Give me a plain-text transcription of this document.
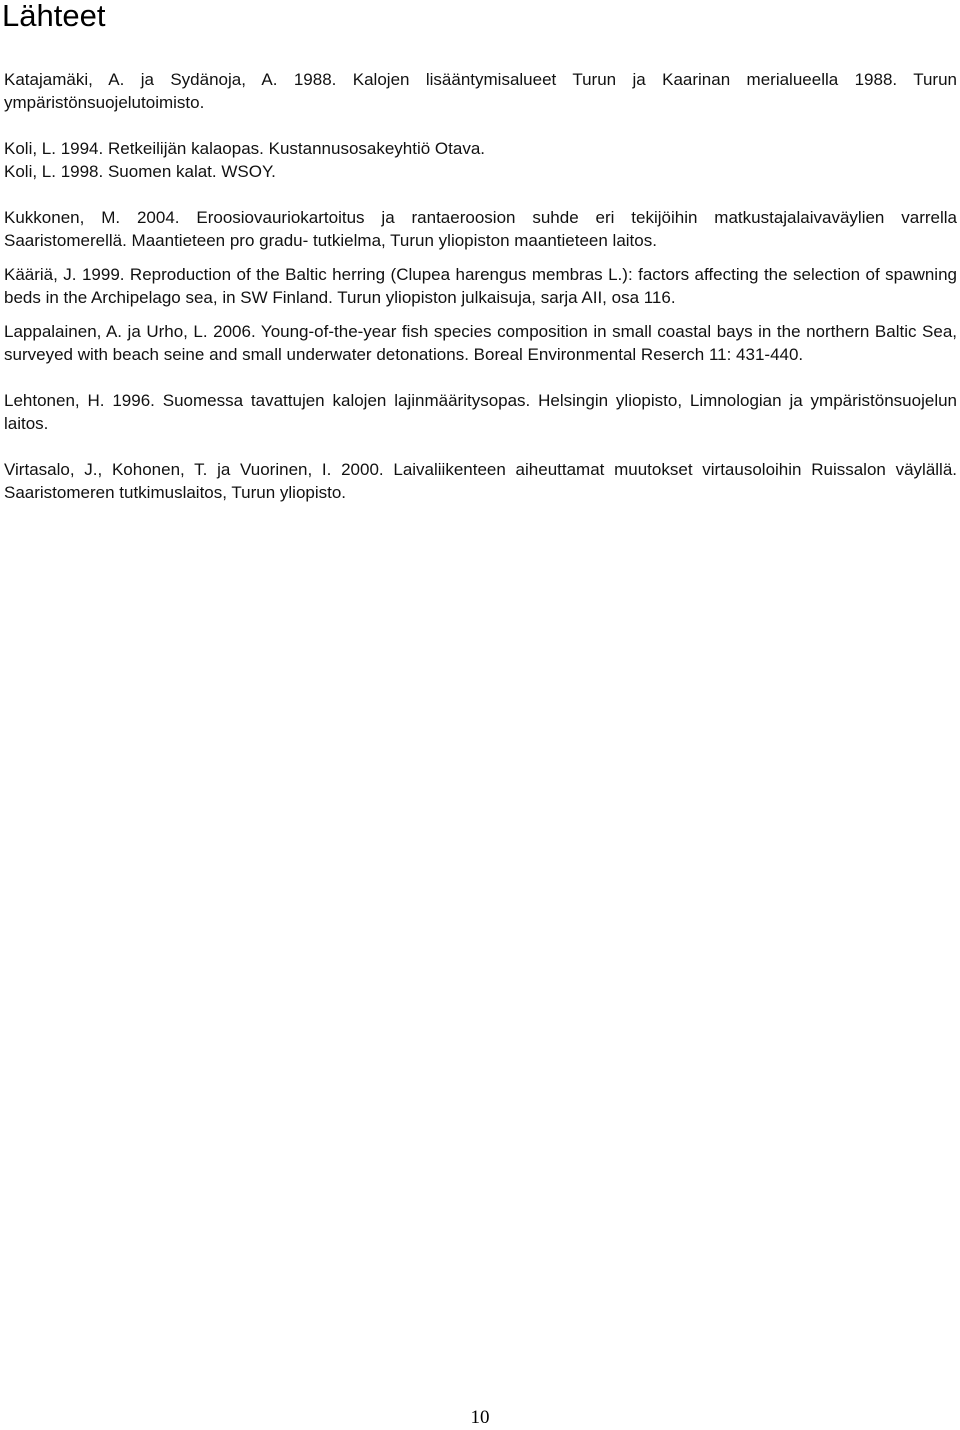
Lähteet

Katajamäki, A. ja Sydänoja, A. 1988. Kalojen lisääntymisalueet Turun ja Kaarinan merialueella 1988. Turun ympäristönsuojelutoimisto.

Koli, L. 1994. Retkeilijän kalaopas. Kustannusosakeyhtiö Otava.

Koli, L. 1998. Suomen kalat. WSOY.

Kukkonen, M. 2004. Eroosiovauriokartoitus ja rantaeroosion suhde eri tekijöihin matkustajalaivaväylien varrella Saaristomerellä. Maantieteen pro gradu- tutkielma, Turun yliopiston maantieteen laitos.

Kääriä, J. 1999. Reproduction of the Baltic herring (Clupea harengus membras L.): factors affecting the selection of spawning beds in the Archipelago sea, in SW Finland. Turun yliopiston julkaisuja, sarja AII, osa 116.

Lappalainen, A. ja Urho, L. 2006. Young-of-the-year fish species composition in small coastal bays in the northern Baltic Sea, surveyed with beach seine and small underwater detonations. Boreal Environmental Reserch 11: 431-440.

Lehtonen, H. 1996. Suomessa tavattujen kalojen lajinmääritysopas. Helsingin yliopisto, Limnologian ja ympäristönsuojelun laitos.

Virtasalo, J., Kohonen, T. ja Vuorinen, I. 2000. Laivaliikenteen aiheuttamat muutokset virtausoloihin Ruissalon väylällä. Saaristomeren tutkimuslaitos, Turun yliopisto.

10
